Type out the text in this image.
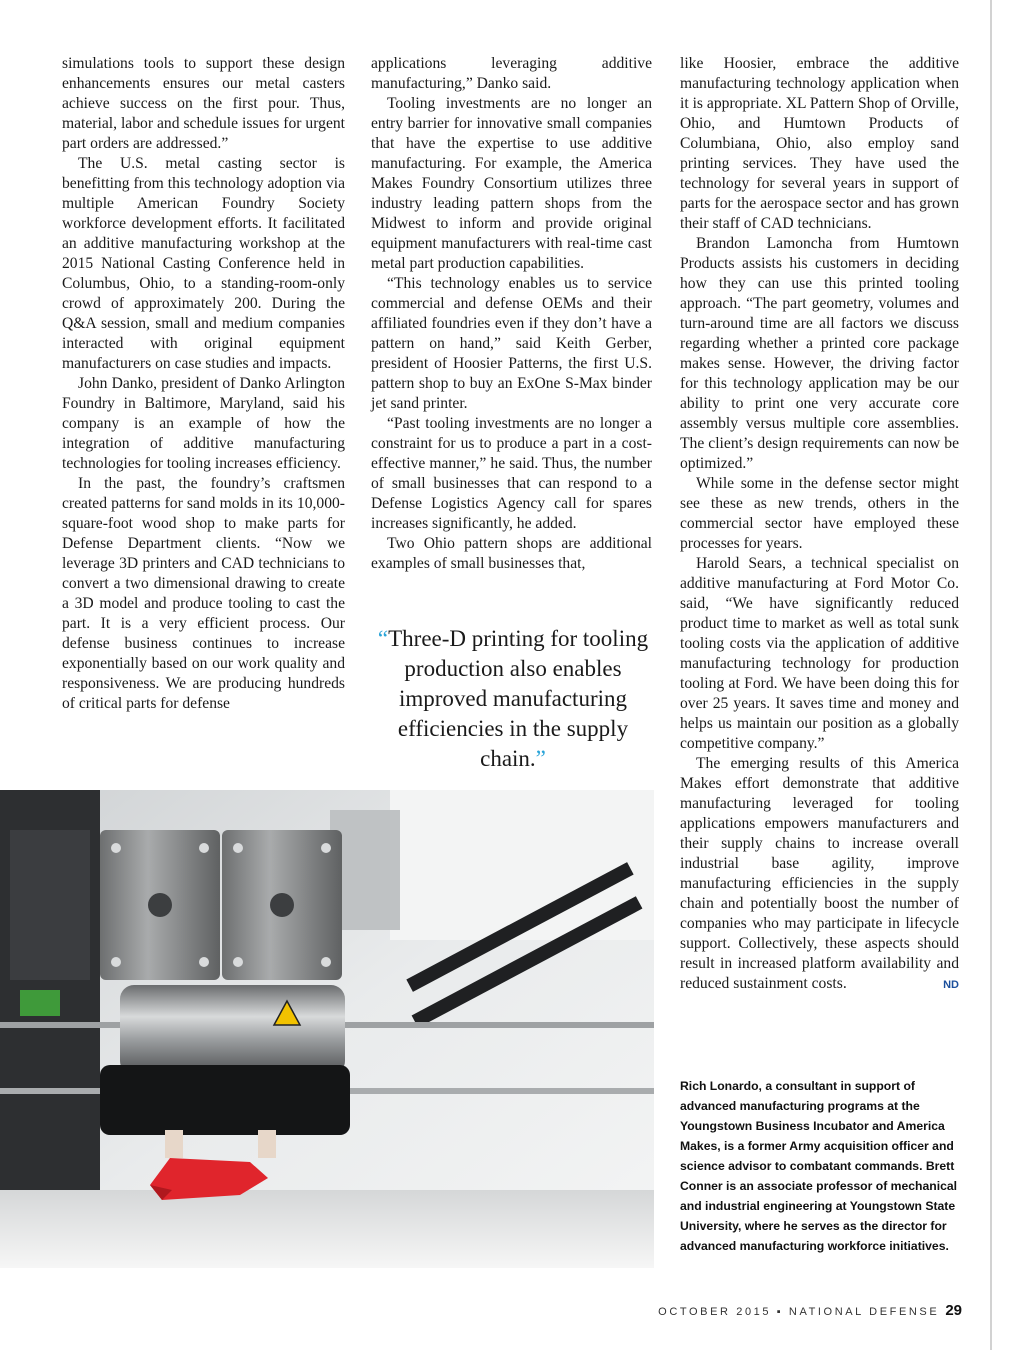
simulations tools to support these design enhancements ensures our metal casters achieve success on the first pour. Thus, material, labor and schedule issues for urgent part orders are addressed.”

The U.S. metal casting sector is benefitting from this technology adoption via multiple American Foundry Society workforce development efforts. It facilitated an additive manufacturing workshop at the 2015 National Casting Conference held in Columbus, Ohio, to a standing-room-only crowd of approximately 200. During the Q&A session, small and medium companies interacted with original equipment manufacturers on case studies and impacts.

John Danko, president of Danko Arlington Foundry in Baltimore, Maryland, said his company is an example of how the integration of additive manufacturing technologies for tooling increases efficiency.

In the past, the foundry’s craftsmen created patterns for sand molds in its 10,000-square-foot wood shop to make parts for Defense Department clients. “Now we leverage 3D printers and CAD technicians to convert a two dimensional drawing to create a 3D model and produce tooling to cast the part. It is a very efficient process. Our defense business continues to increase exponentially based on our work quality and responsiveness. We are producing hundreds of critical parts for defense

applications leveraging additive manufacturing,” Danko said.

Tooling investments are no longer an entry barrier for innovative small companies that have the expertise to use additive manufacturing. For example, the America Makes Foundry Consortium utilizes three industry leading pattern shops from the Midwest to inform and provide original equipment manufacturers with real-time cast metal part production capabilities.

“This technology enables us to service commercial and defense OEMs and their affiliated foundries even if they don’t have a pattern on hand,” said Keith Gerber, president of Hoosier Patterns, the first U.S. pattern shop to buy an ExOne S-Max binder jet sand printer.

“Past tooling investments are no longer a constraint for us to produce a part in a cost-effective manner,” he said. Thus, the number of small businesses that can respond to a Defense Logistics Agency call for spares increases significantly, he added.

Two Ohio pattern shops are additional examples of small businesses that,

“Three-D printing for tooling production also enables improved manufacturing efficiencies in the supply chain.”

like Hoosier, embrace the additive manufacturing technology application when it is appropriate. XL Pattern Shop of Orville, Ohio, and Humtown Products of Columbiana, Ohio, also employ sand printing services. They have used the technology for several years in support of parts for the aerospace sector and has grown their staff of CAD technicians.

Brandon Lamoncha from Humtown Products assists his customers in deciding how they can use this printed tooling approach. “The part geometry, volumes and turn-around time are all factors we discuss regarding whether a printed core package makes sense. However, the driving factor for this technology application may be our ability to print one very accurate core assembly versus multiple core assemblies. The client’s design requirements can now be optimized.”

While some in the defense sector might see these as new trends, others in the commercial sector have employed these processes for years.

Harold Sears, a technical specialist on additive manufacturing at Ford Motor Co. said, “We have significantly reduced product time to market as well as total sunk tooling costs via the application of additive manufacturing technology for production tooling at Ford. We have been doing this for over 25 years. It saves time and money and helps us maintain our position as a globally competitive company.”

The emerging results of this America Makes effort demonstrate that additive manufacturing leveraged for tooling applications empowers manufacturers and their supply chains to increase overall industrial base agility, improve manufacturing efficiencies in the supply chain and potentially boost the number of companies who may participate in lifecycle support. Collectively, these aspects should result in increased platform availability and reduced sustainment costs.	ND

Rich Lonardo, a consultant in support of advanced manufacturing programs at the Youngstown Business Incubator and America Makes, is a former Army acquisition officer and science advisor to combatant commands. Brett Conner is an associate professor of mechanical and industrial engineering at Youngstown State University, where he serves as the director for advanced manufacturing workforce initiatives.
OCTOBER 2015 ▪ NATIONAL DEFENSE 29
